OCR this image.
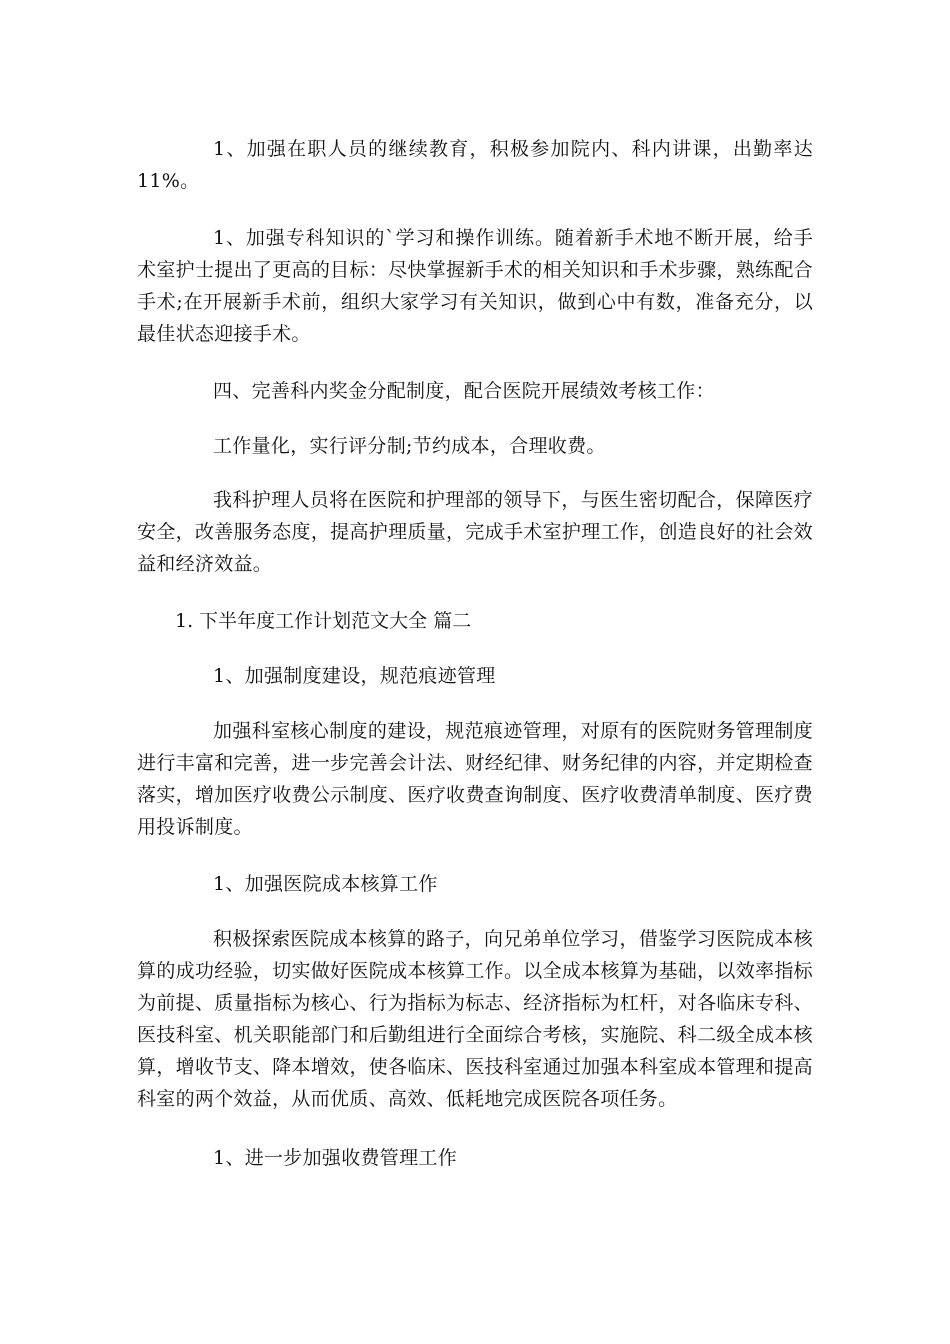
1、加强在职人员的继续教育，积极参加院内、科内讲课，出勤率达11%。

1、加强专科知识的`学习和操作训练。随着新手术地不断开展，给手术室护士提出了更高的目标：尽快掌握新手术的相关知识和手术步骤，熟练配合手术;在开展新手术前，组织大家学习有关知识，做到心中有数，准备充分，以最佳状态迎接手术。

四、完善科内奖金分配制度，配合医院开展绩效考核工作：

工作量化，实行评分制;节约成本，合理收费。

我科护理人员将在医院和护理部的领导下，与医生密切配合，保障医疗安全，改善服务态度，提高护理质量，完成手术室护理工作，创造良好的社会效益和经济效益。

1. 下半年度工作计划范文大全 篇二

1、加强制度建设，规范痕迹管理

加强科室核心制度的建设，规范痕迹管理，对原有的医院财务管理制度进行丰富和完善，进一步完善会计法、财经纪律、财务纪律的内容，并定期检查落实，增加医疗收费公示制度、医疗收费查询制度、医疗收费清单制度、医疗费用投诉制度。

1、加强医院成本核算工作

积极探索医院成本核算的路子，向兄弟单位学习，借鉴学习医院成本核算的成功经验，切实做好医院成本核算工作。以全成本核算为基础，以效率指标为前提、质量指标为核心、行为指标为标志、经济指标为杠杆，对各临床专科、医技科室、机关职能部门和后勤组进行全面综合考核，实施院、科二级全成本核算，增收节支、降本增效，使各临床、医技科室通过加强本科室成本管理和提高科室的两个效益，从而优质、高效、低耗地完成医院各项任务。

1、进一步加强收费管理工作
